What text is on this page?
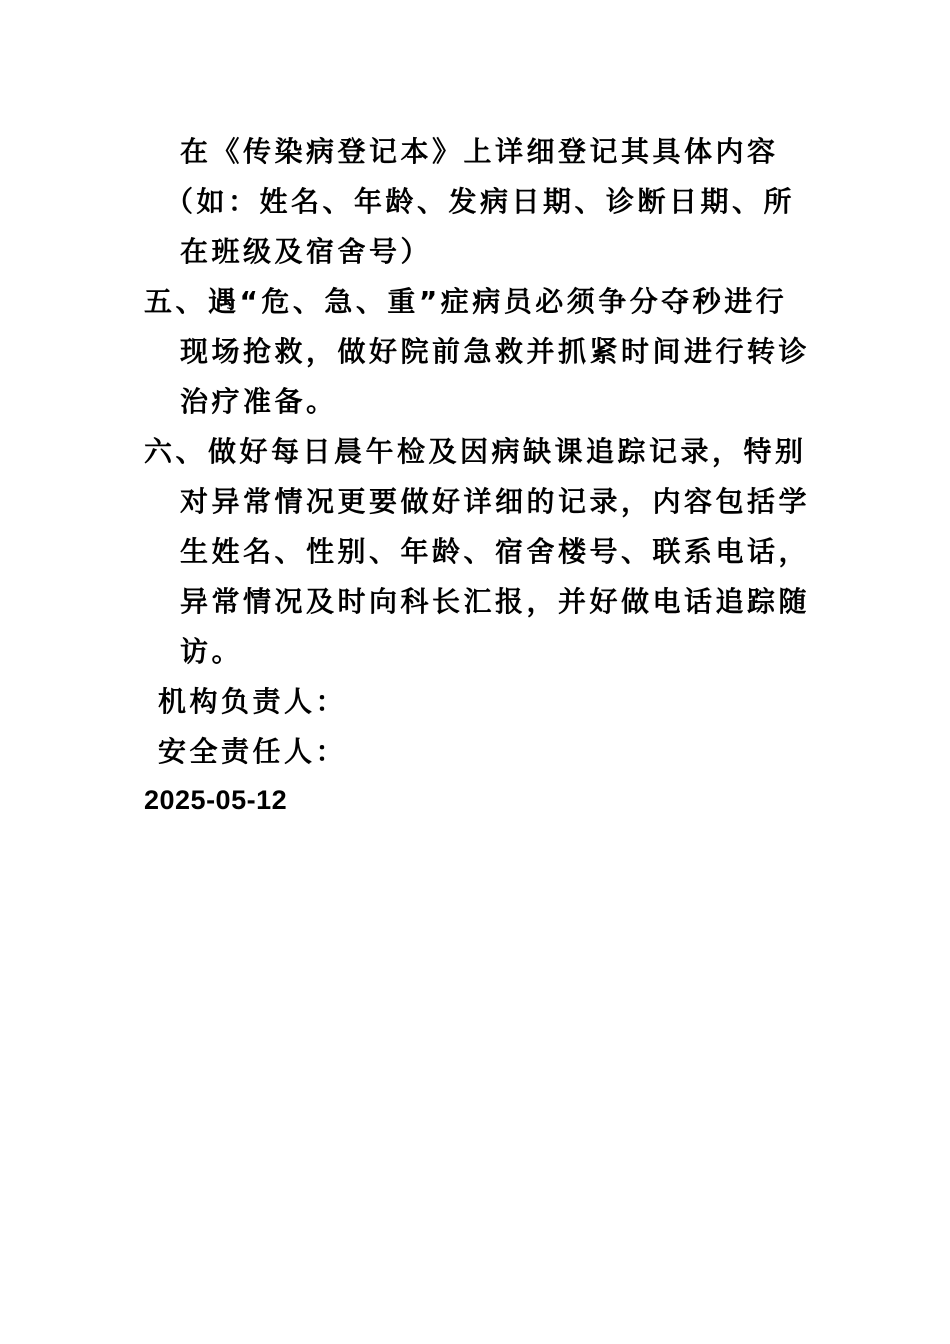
在《传染病登记本》上详细登记其具体内容
（如：姓名、年龄、发病日期、诊断日期、所
在班级及宿舍号）
五、遇“危、急、重”症病员必须争分夺秒进行
现场抢救，做好院前急救并抓紧时间进行转诊
治疗准备。
六、做好每日晨午检及因病缺课追踪记录，特别
对异常情况更要做好详细的记录，内容包括学
生姓名、性别、年龄、宿舍楼号、联系电话，
异常情况及时向科长汇报，并好做电话追踪随
访。
机构负责人：
安全责任人：
2025-05-12
